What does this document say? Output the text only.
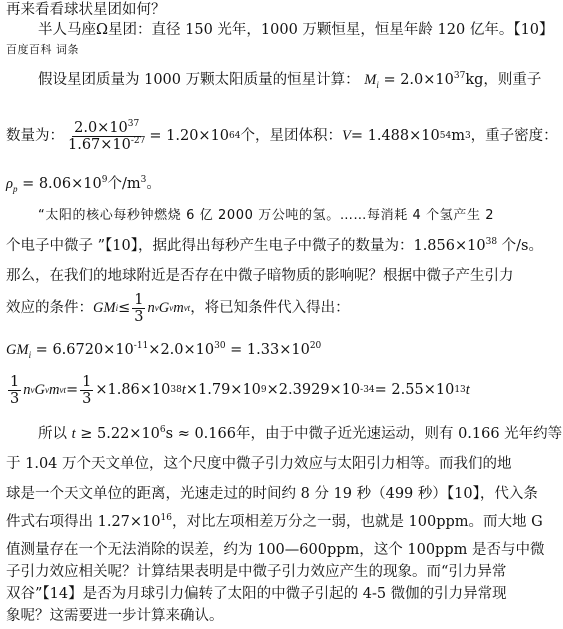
再来看看球状星团如何？
半人马座Ω星团：直径 150 光年，1000 万颗恒星，恒星年龄 120 亿年。【10】
百度百科 词条
假设星团质量为 1000 万颗太阳质量的恒星计算： $M_i = 2.0\times 10^{37}kg$，则重子
数量为： $\frac{2.0\times 10^{37}}{1.67\times 10^{-27}} = 1.20\times 10$ 64 个，星团体积： V = 1.488×10 54 m 3 ，重子密度：
$\rho_p = 8.06\times 10^9$个$/m^3$。
“太阳的核心每秒钟燃烧 6 亿 2000 万公吨的氢。……每消耗 4 个氢产生 2
个电子中微子 ”【10】，据此得出每秒产生电子中微子的数量为：$1.856\times 10^{38}$ 个/s。
那么，在我们的地球附近是否存在中微子暗物质的影响呢？根据中微子产生引力
效应的条件： GM $i \le \frac{1}{3}$ n ν G ν m νt ，将已知条件代入得出：
$GM_i = 6.6720\times 10^{-11}\times 2.0\times 10^{30} = 1.33\times 10^{20}$
$\frac{1}{3}$ n ν G ν m $\nu t = \frac{1}{3} \times 1.86\times 10$ 38 t ×1.79×10 9 ×2.3929×10 -34 = 2.55×10 13 t
所以 $t \ge 5.22\times 10^6s \approx 0.166$年，由于中微子近光速运动，则有 0.166 光年约等
于 1.04 万个天文单位，这个尺度中微子引力效应与太阳引力相等。而我们的地
球是一个天文单位的距离，光速走过的时间约 8 分 19 秒（499 秒）【10】，代入条
件式右项得出 $1.27\times 10^{16}$，对比左项相差万分之一弱，也就是 100ppm。而大地 G
值测量存在一个无法消除的误差，约为 100—600ppm，这个 100ppm 是否与中微
子引力效应相关呢？计算结果表明是中微子引力效应产生的现象。而“引力异常
双谷”【14】是否为月球引力偏转了太阳的中微子引起的 4-5 微伽的引力异常现
象呢？这需要进一步计算来确认。
